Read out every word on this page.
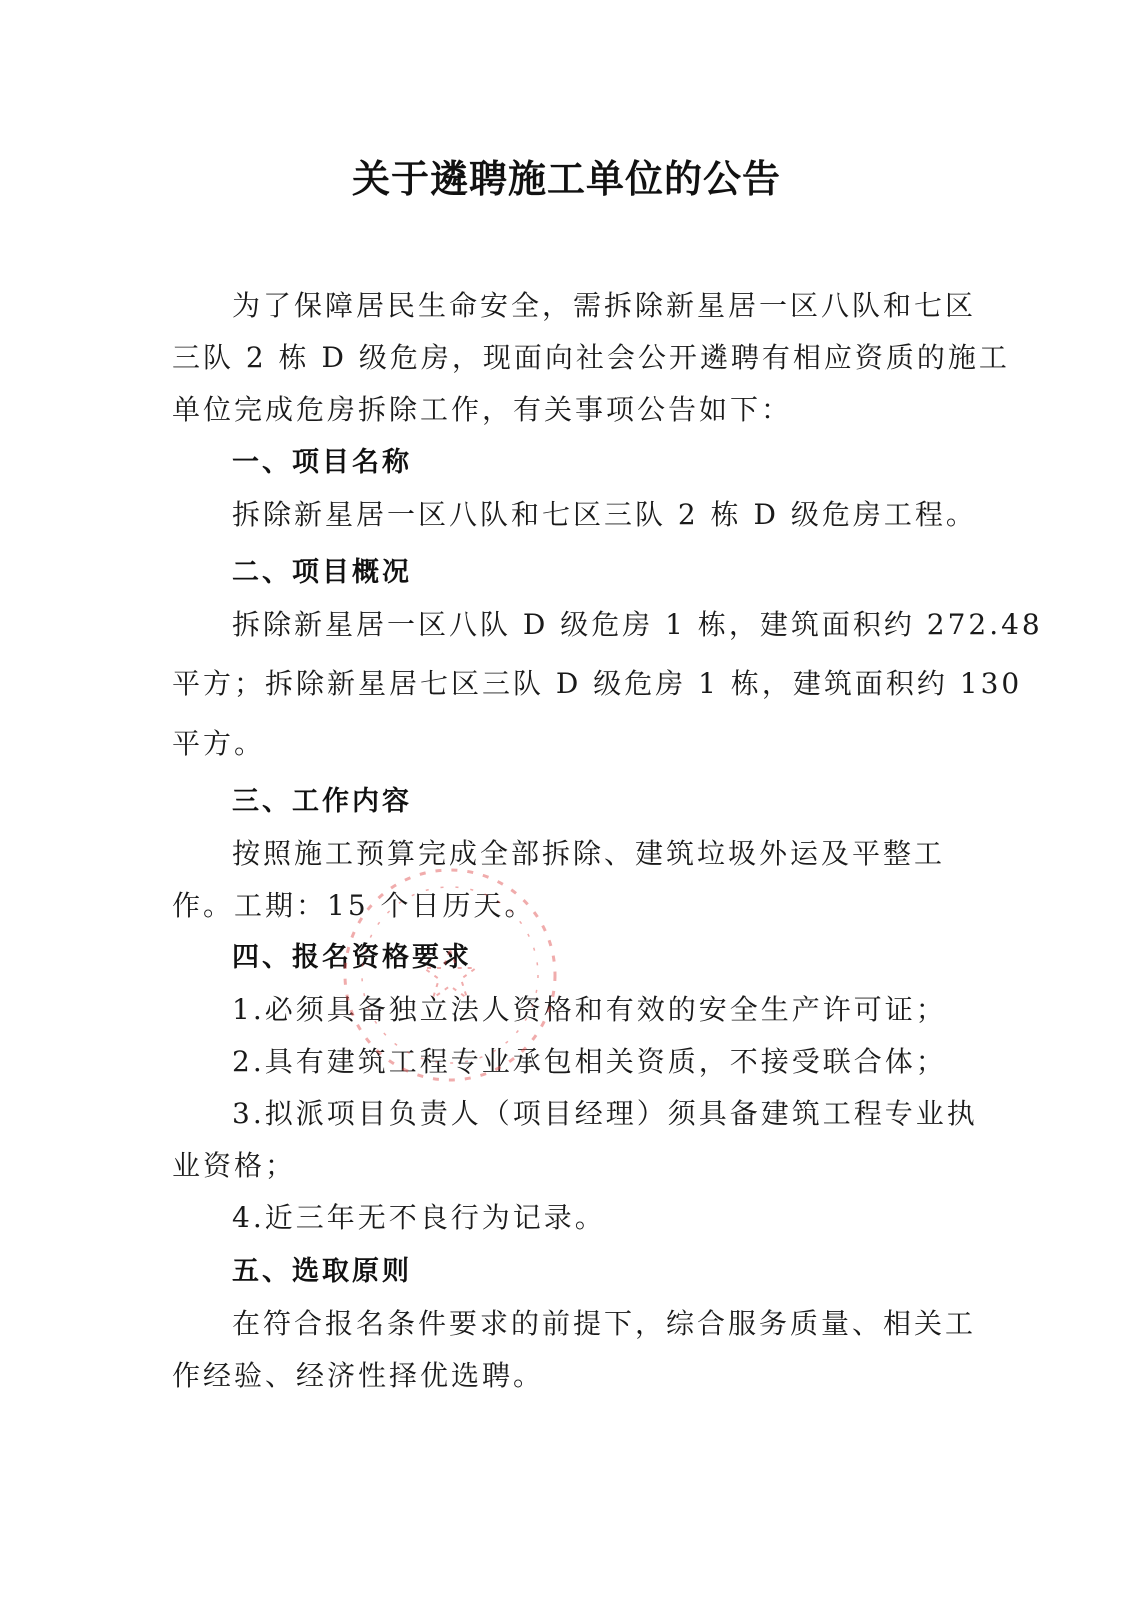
关于遴聘施工单位的公告
为了保障居民生命安全，需拆除新星居一区八队和七区
三队 2 栋 D 级危房，现面向社会公开遴聘有相应资质的施工
单位完成危房拆除工作，有关事项公告如下：
一、项目名称
拆除新星居一区八队和七区三队 2 栋 D 级危房工程。
二、项目概况
拆除新星居一区八队 D 级危房 1 栋，建筑面积约 272.48
平方；拆除新星居七区三队 D 级危房 1 栋，建筑面积约 130
平方。
三、工作内容
按照施工预算完成全部拆除、建筑垃圾外运及平整工
作。工期：15 个日历天。
四、报名资格要求
1.必须具备独立法人资格和有效的安全生产许可证；
2.具有建筑工程专业承包相关资质，不接受联合体；
3.拟派项目负责人（项目经理）须具备建筑工程专业执
业资格；
4.近三年无不良行为记录。
五、选取原则
在符合报名条件要求的前提下，综合服务质量、相关工
作经验、经济性择优选聘。
